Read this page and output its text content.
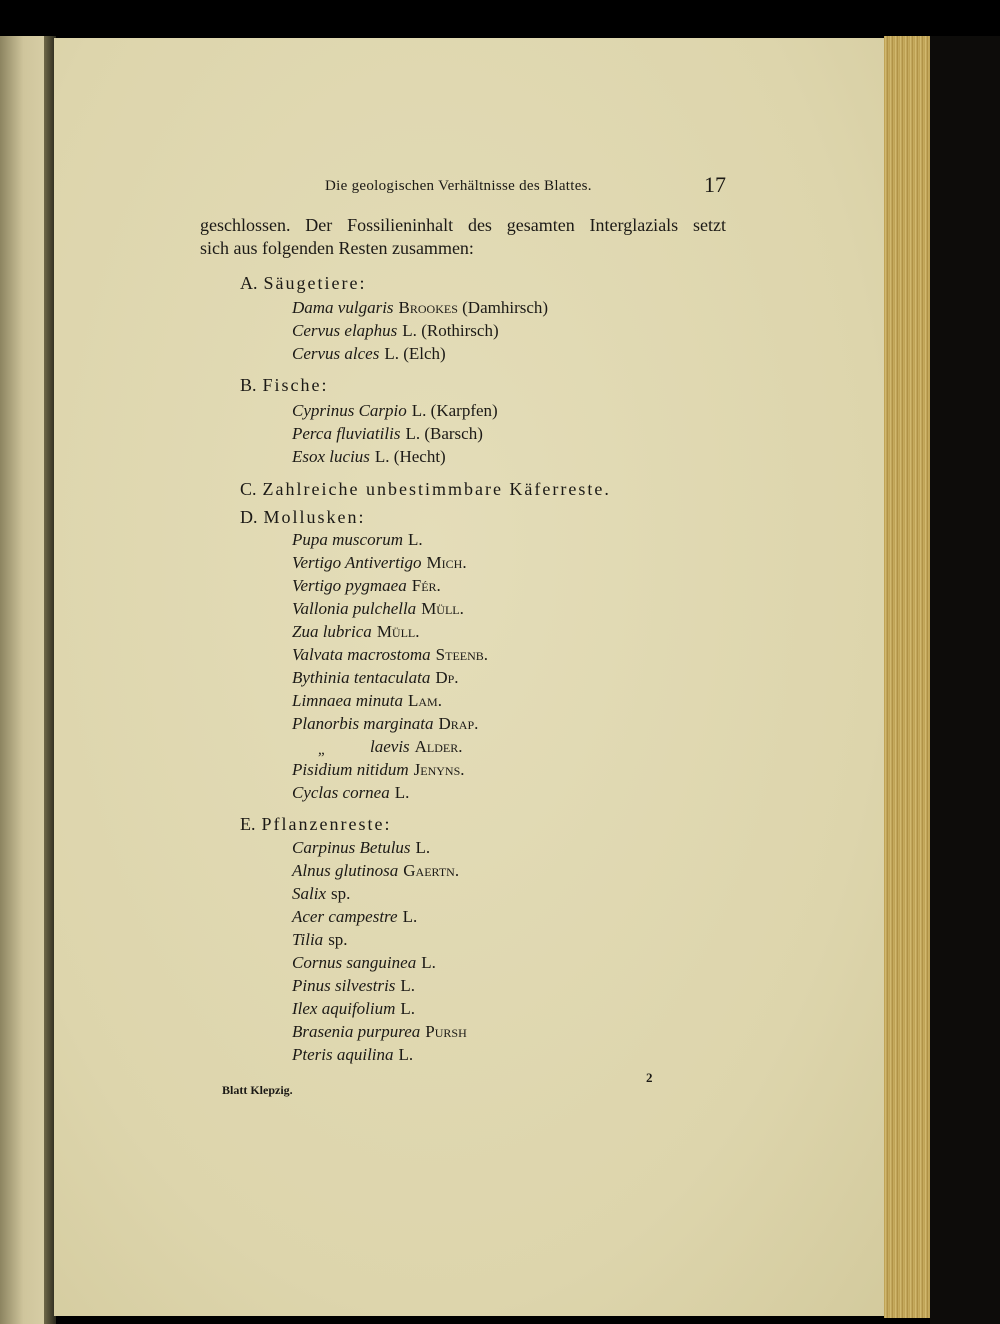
Die geologischen Verhältnisse des Blattes.	17
geschlossen. Der Fossilieninhalt des gesamten Interglazials setzt
sich aus folgenden Resten zusammen:
A. Säugetiere:
Dama vulgaris Brookes (Damhirsch)
Cervus elaphus L. (Rothirsch)
Cervus alces L. (Elch)
B. Fische:
Cyprinus Carpio L. (Karpfen)
Perca fluviatilis L. (Barsch)
Esox lucius L. (Hecht)
C. Zahlreiche unbestimmbare Käferreste.
D. Mollusken:
Pupa muscorum L.
Vertigo Antivertigo Mich.
Vertigo pygmaea Fér.
Vallonia pulchella Müll.
Zua lubrica Müll.
Valvata macrostoma Steenb.
Bythinia tentaculata Dp.
Limnaea minuta Lam.
Planorbis marginata Drap.
„	laevis Alder.
Pisidium nitidum Jenyns.
Cyclas cornea L.
E. Pflanzenreste:
Carpinus Betulus L.
Alnus glutinosa Gaertn.
Salix sp.
Acer campestre L.
Tilia sp.
Cornus sanguinea L.
Pinus silvestris L.
Ilex aquifolium L.
Brasenia purpurea Pursh
Pteris aquilina L.
Blatt Klepzig.
2
